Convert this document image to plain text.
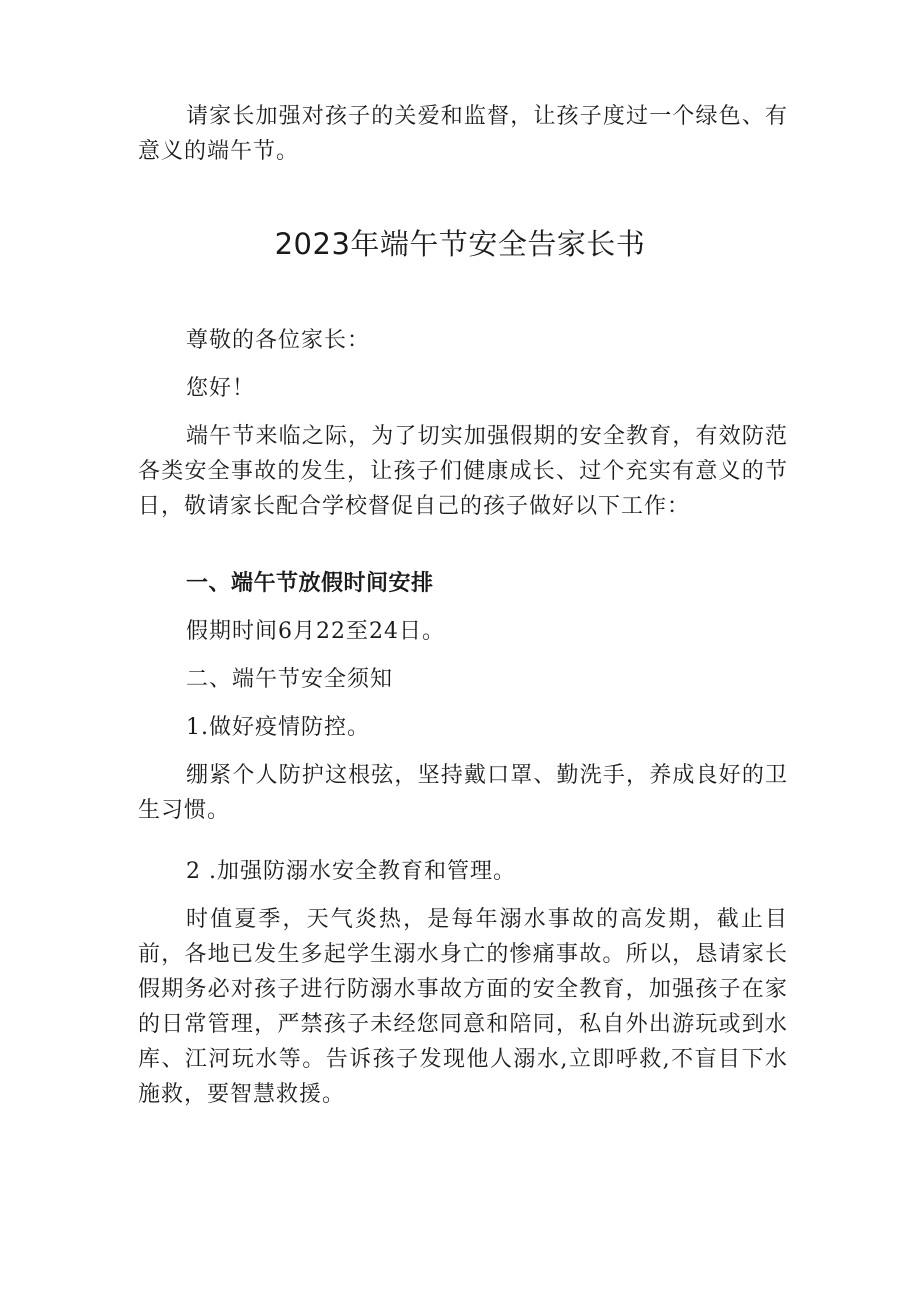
请家长加强对孩子的关爱和监督，让孩子度过一个绿色、有意义的端午节。

2023年端午节安全告家长书

尊敬的各位家长：

您好！

端午节来临之际，为了切实加强假期的安全教育，有效防范各类安全事故的发生，让孩子们健康成长、过个充实有意义的节日，敬请家长配合学校督促自己的孩子做好以下工作：

一、端午节放假时间安排

假期时间6月22至24日。

二、端午节安全须知

1.做好疫情防控。

绷紧个人防护这根弦，坚持戴口罩、勤洗手，养成良好的卫生习惯。

2 .加强防溺水安全教育和管理。

时值夏季，天气炎热，是每年溺水事故的高发期，截止目前，各地已发生多起学生溺水身亡的惨痛事故。所以，恳请家长假期务必对孩子进行防溺水事故方面的安全教育，加强孩子在家的日常管理，严禁孩子未经您同意和陪同，私自外出游玩或到水库、江河玩水等。告诉孩子发现他人溺水,立即呼救,不盲目下水施救，要智慧救援。
